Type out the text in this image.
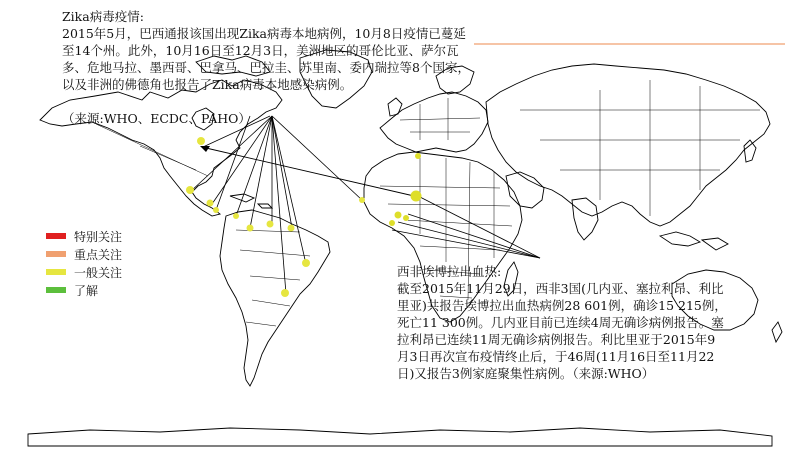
Zika病毒疫情:
2015年5月，巴西通报该国出现Zika病毒本地病例，10月8日疫情已蔓延至14个州。此外，10月16日至12月3日，美洲地区的哥伦比亚、萨尔瓦多、危地马拉、墨西哥、巴拿马、巴拉圭、苏里南、委内瑞拉等8个国家，以及非洲的佛德角也报告了Zika病毒本地感染病例。
（来源:WHO、ECDC、PAHO）
西非埃博拉出血热:
截至2015年11月29日，西非3国(几内亚、塞拉利昂、利比里亚)共报告埃博拉出血热病例28 601例，确诊15 215例，死亡11 300例。几内亚目前已连续4周无确诊病例报告。塞拉利昂已连续11周无确诊病例报告。利比里亚于2015年9月3日再次宣布疫情终止后，于46周(11月16日至11月22日)又报告3例家庭聚集性病例。（来源:WHO）
特别关注
重点关注
一般关注
了解
